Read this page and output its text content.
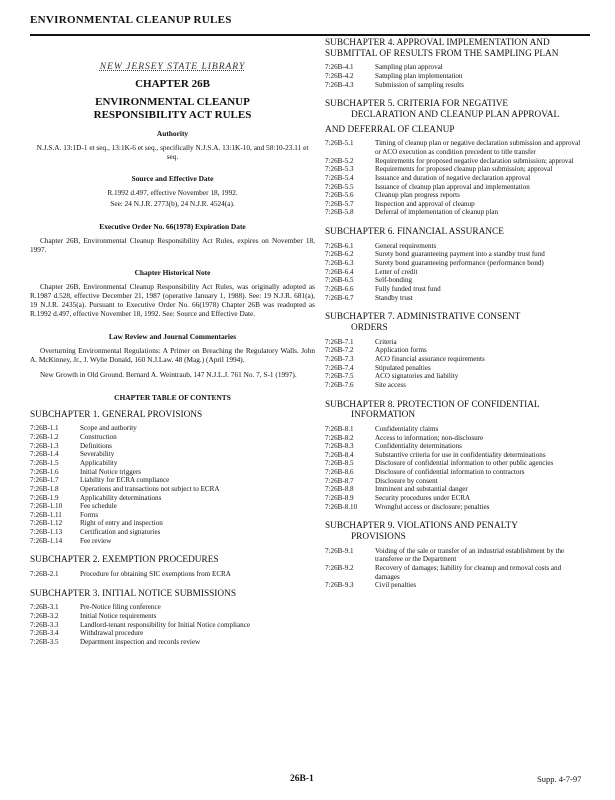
ENVIRONMENTAL CLEANUP RULES
NEW JERSEY STATE LIBRARY
CHAPTER 26B
ENVIRONMENTAL CLEANUP RESPONSIBILITY ACT RULES
Authority

N.J.S.A. 13:1D-1 et seq., 13:1K-6 et seq., specifically N.J.S.A. 13:1K-10, and 58:10-23.11 et seq.

Source and Effective Date

R.1992 d.497, effective November 18, 1992.

See: 24 N.J.R. 2773(b), 24 N.J.R. 4524(a).

Executive Order No. 66(1978) Expiration Date

Chapter 26B, Environmental Cleanup Responsibility Act Rules, expires on November 18, 1997.

Chapter Historical Note

Chapter 26B, Environmental Cleanup Responsibility Act Rules, was originally adopted as R.1987 d.528, effective December 21, 1987 (operative January 1, 1988). See: 19 N.J.R. 681(a), 19 N.J.R. 2435(a). Pursuant to Executive Order No. 66(1978) Chapter 26B was readopted as R.1992 d.497, effective November 18, 1992. See: Source and Effective Date.

Law Review and Journal Commentaries

Overturning Environmental Regulations: A Primer on Breaching the Regulatory Walls. John A. McKinney, Jr., J. Wylie Donald, 160 N.J.Law. 48 (Mag.) (April 1994).

New Growth in Old Ground. Bernard A. Weintraub, 147 N.J.L.J. 761 No. 7, S-1 (1997).

CHAPTER TABLE OF CONTENTS
SUBCHAPTER 1. GENERAL PROVISIONS
7:26B-1.1	Scope and authority
7:26B-1.2	Construction
7:26B-1.3	Definitions
7:26B-1.4	Severability
7:26B-1.5	Applicability
7:26B-1.6	Initial Notice triggers
7:26B-1.7	Liability for ECRA compliance
7:26B-1.8	Operations and transactions not subject to ECRA
7:26B-1.9	Applicability determinations
7:26B-1.10	Fee schedule
7:26B-1.11	Forms
7:26B-1.12	Right of entry and inspection
7:26B-1.13	Certification and signatories
7:26B-1.14	Fee review
SUBCHAPTER 2. EXEMPTION PROCEDURES
7:26B-2.1	Procedure for obtaining SIC exemptions from ECRA
SUBCHAPTER 3. INITIAL NOTICE SUBMISSIONS
7:26B-3.1	Pre-Notice filing conference
7:26B-3.2	Initial Notice requirements
7:26B-3.3	Landlord-tenant responsibility for Initial Notice compliance
7:26B-3.4	Withdrawal procedure
7:26B-3.5	Department inspection and records review
SUBCHAPTER 4. APPROVAL IMPLEMENTATION AND SUBMITTAL OF RESULTS FROM THE SAMPLING PLAN
7:26B-4.1	Sampling plan approval
7:26B-4.2	Sampling plan implementation
7:26B-4.3	Submission of sampling results
SUBCHAPTER 5. CRITERIA FOR NEGATIVE
DECLARATION AND CLEANUP PLAN APPROVAL
AND DEFERRAL OF CLEANUP
7:26B-5.1	Timing of cleanup plan or negative declaration submission and approval or ACO execution as condition precedent to title transfer
7:26B-5.2	Requirements for proposed negative declaration submission; approval
7:26B-5.3	Requirements for proposed cleanup plan submission; approval
7:26B-5.4	Issuance and duration of negative declaration approval
7:26B-5.5	Issuance of cleanup plan approval and implementation
7:26B-5.6	Cleanup plan progress reports
7:26B-5.7	Inspection and approval of cleanup
7:26B-5.8	Deferral of implementation of cleanup plan
SUBCHAPTER 6. FINANCIAL ASSURANCE
7:26B-6.1	General requirements
7:26B-6.2	Surety bond guaranteeing payment into a standby trust fund
7:26B-6.3	Surety bond guaranteeing performance (performance bond)
7:26B-6.4	Letter of credit
7:26B-6.5	Self-bonding
7:26B-6.6	Fully funded trust fund
7:26B-6.7	Standby trust
SUBCHAPTER 7. ADMINISTRATIVE CONSENT
ORDERS
7:26B-7.1	Criteria
7:26B-7.2	Application forms
7:26B-7.3	ACO financial assurance requirements
7:26B-7.4	Stipulated penalties
7:26B-7.5	ACO signatories and liability
7:26B-7.6	Site access
SUBCHAPTER 8. PROTECTION OF CONFIDENTIAL
INFORMATION
7:26B-8.1	Confidentiality claims
7:26B-8.2	Access to information; non-disclosure
7:26B-8.3	Confidentiality determinations
7:26B-8.4	Substantive criteria for use in confidentiality determinations
7:26B-8.5	Disclosure of confidential information to other public agencies
7:26B-8.6	Disclosure of confidential information to contractors
7:26B-8.7	Disclosure by consent
7:26B-8.8	Imminent and substantial danger
7:26B-8.9	Security procedures under ECRA
7:26B-8.10	Wrongful access or disclosure; penalties
SUBCHAPTER 9. VIOLATIONS AND PENALTY
PROVISIONS
7:26B-9.1	Voiding of the sale or transfer of an industrial establishment by the transferee or the Department
7:26B-9.2	Recovery of damages; liability for cleanup and removal costs and damages
7:26B-9.3	Civil penalties
26B-1	Supp. 4-7-97
